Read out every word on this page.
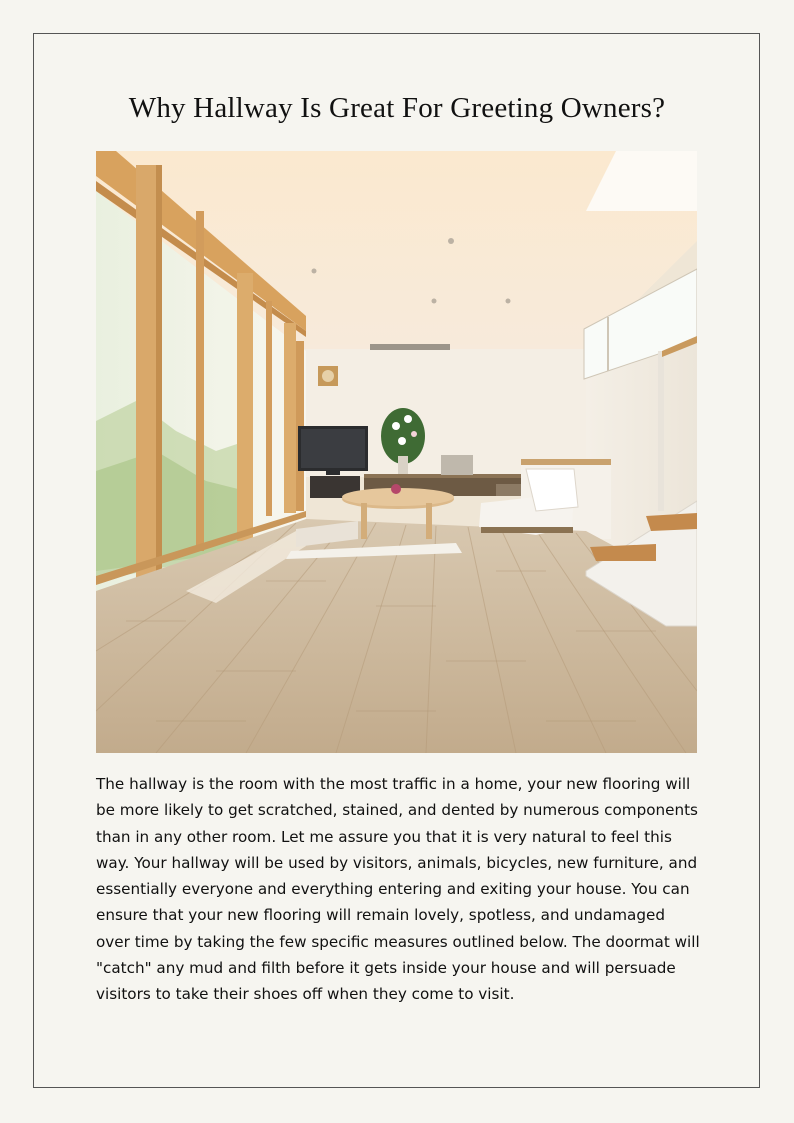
Why Hallway Is Great For Greeting Owners?

The hallway is the room with the most traffic in a home, your new flooring will be more likely to get scratched, stained, and dented by numerous components than in any other room. Let me assure you that it is very natural to feel this way. Your hallway will be used by visitors, animals, bicycles, new furniture, and essentially everyone and everything entering and exiting your house. You can ensure that your new flooring will remain lovely, spotless, and undamaged over time by taking the few specific measures outlined below. The doormat will "catch" any mud and filth before it gets inside your house and will persuade visitors to take their shoes off when they come to visit.
